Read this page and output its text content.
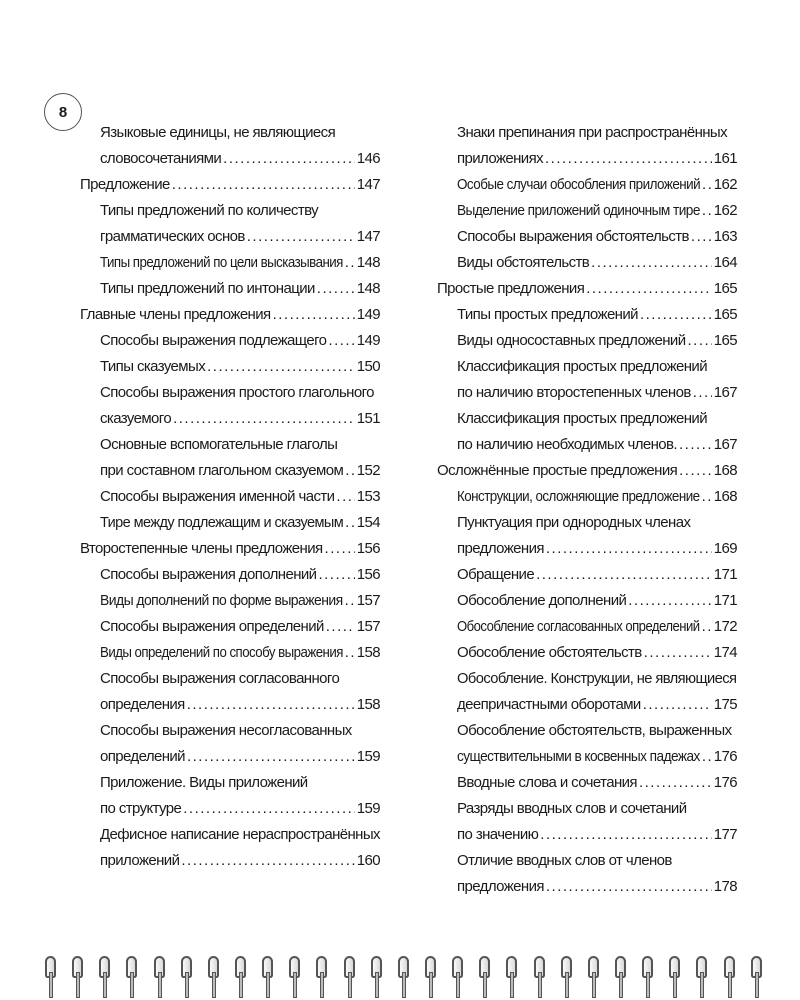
8
Языковые единицы, не являющиеся
словосочетаниями .....	146
Предложение .....	147
Типы предложений по количеству
грамматических основ .....	147
Типы предложений по цели высказывания ..... 148
Типы предложений по интонации .....	148
Главные члены предложения .....	149
Способы выражения подлежащего ..... 149
Типы сказуемых .....	150
Способы выражения простого глагольного
сказуемого .....	151
Основные вспомогательные глаголы
при составном глагольном сказуемом ..... 152
Способы выражения именной части ..... 153
Тире между подлежащим и сказуемым ..... 154
Второстепенные члены предложения ..... 156
Способы выражения дополнений .....	156
Виды дополнений по форме выражения ..... 157
Способы выражения определений ..... 157
Виды определений по способу выражения ..... 158
Способы выражения согласованного
определения .....	158
Способы выражения несогласованных
определений .....	159
Приложение. Виды приложений
по структуре .....	159
Дефисное написание нераспространённых
приложений .....	160
Знаки препинания при распространённых
приложениях .....	161
Особые случаи обособления приложений ..... 162
Выделение приложений одиночным тире ..... 162
Способы выражения обстоятельств ..... 163
Виды обстоятельств .....	164
Простые предложения .....	165
Типы простых предложений .....	165
Виды односоставных предложений ..... 165
Классификация простых предложений
по наличию второстепенных членов ..... 167
Классификация простых предложений
по наличию необходимых членов. ..... 167
Осложнённые простые предложения ..... 168
Конструкции, осложняющие предложение ..... 168
Пунктуация при однородных членах
предложения .....	169
Обращение .....	171
Обособление дополнений .....	171
Обособление согласованных определений ..... 172
Обособление обстоятельств .....	174
Обособление. Конструкции, не являющиеся
деепричастными оборотами .....	175
Обособление обстоятельств, выраженных
существительными в косвенных падежах ..... 176
Вводные слова и сочетания .....	176
Разряды вводных слов и сочетаний
по значению .....	177
Отличие вводных слов от членов
предложения .....	178
